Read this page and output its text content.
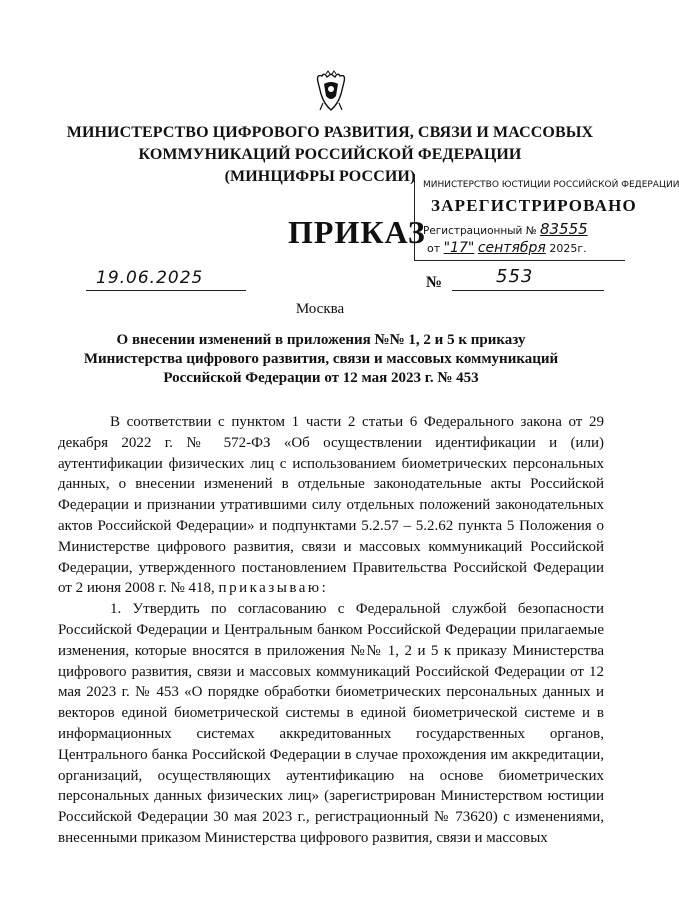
МИНИСТЕРСТВО ЦИФРОВОГО РАЗВИТИЯ, СВЯЗИ И МАССОВЫХ
КОММУНИКАЦИЙ РОССИЙСКОЙ ФЕДЕРАЦИИ
(МИНЦИФРЫ РОССИИ)
ПРИКАЗ
МИНИСТЕРСТВО ЮСТИЦИИ РОССИЙСКОЙ ФЕДЕРАЦИИ
ЗАРЕГИСТРИРОВАНО
Регистрационный № 83555
от "17" сентября 2025г.
19.06.2025	№	553
Москва
О внесении изменений в приложения №№ 1, 2 и 5 к приказу Министерства цифрового развития, связи и массовых коммуникаций Российской Федерации от 12 мая 2023 г. № 453

В соответствии с пунктом 1 части 2 статьи 6 Федерального закона от 29 декабря 2022 г. № 572-ФЗ «Об осуществлении идентификации и (или) аутентификации физических лиц с использованием биометрических персональных данных, о внесении изменений в отдельные законодательные акты Российской Федерации и признании утратившими силу отдельных положений законодательных актов Российской Федерации» и подпунктами 5.2.57 – 5.2.62 пункта 5 Положения о Министерстве цифрового развития, связи и массовых коммуникаций Российской Федерации, утвержденного постановлением Правительства Российской Федерации от 2 июня 2008 г. № 418, приказываю:

1. Утвердить по согласованию с Федеральной службой безопасности Российской Федерации и Центральным банком Российской Федерации прилагаемые изменения, которые вносятся в приложения №№ 1, 2 и 5 к приказу Министерства цифрового развития, связи и массовых коммуникаций Российской Федерации от 12 мая 2023 г. № 453 «О порядке обработки биометрических персональных данных и векторов единой биометрической системы в единой биометрической системе и в информационных системах аккредитованных государственных органов, Центрального банка Российской Федерации в случае прохождения им аккредитации, организаций, осуществляющих аутентификацию на основе биометрических персональных данных физических лиц» (зарегистрирован Министерством юстиции Российской Федерации 30 мая 2023 г., регистрационный № 73620) с изменениями, внесенными приказом Министерства цифрового развития, связи и массовых
